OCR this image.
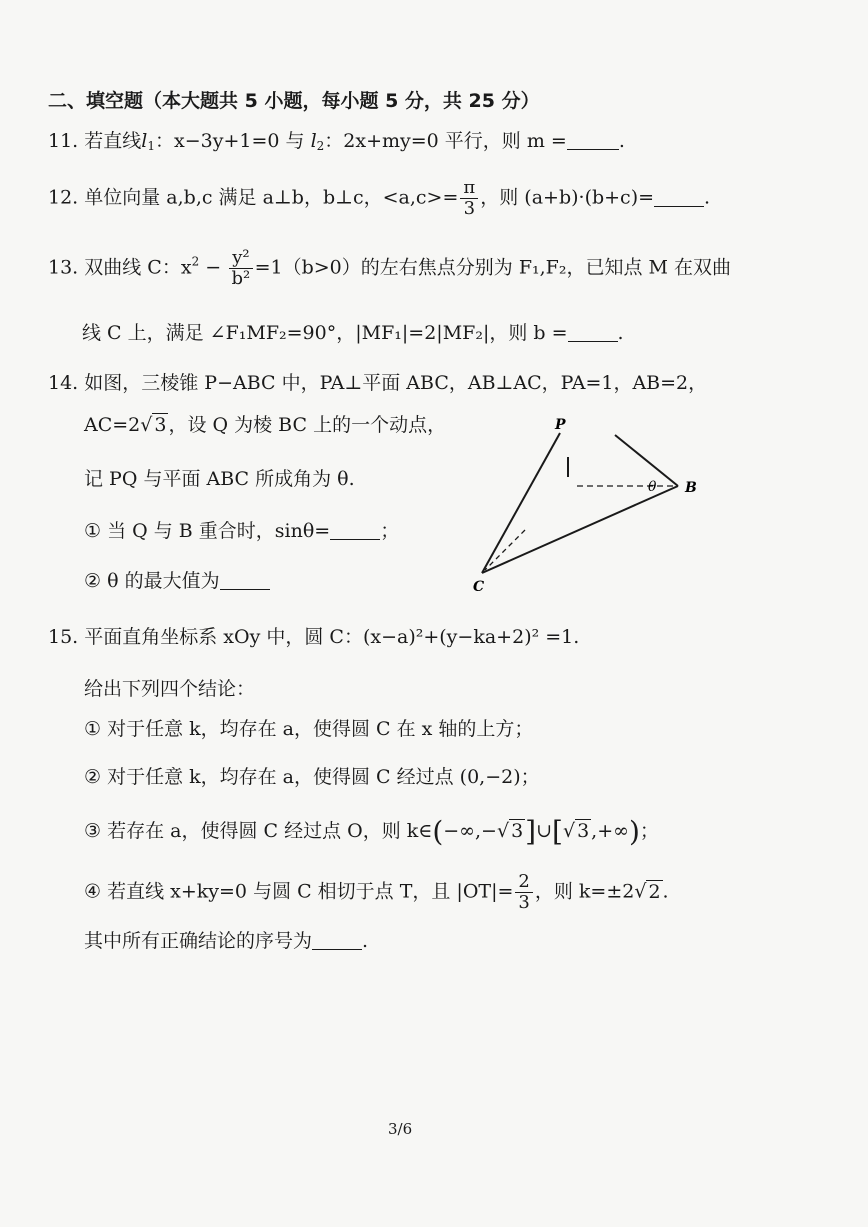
二、填空题（本大题共 5 小题，每小题 5 分，共 25 分）
11. 若直线$l_1$：x−3y+1=0 与 $l_2$：2x+my=0 平行，则 m =	.
12. 单位向量 a,b,c 满足 a⊥b，b⊥c，$<a,c>= \frac{\pi}{3}$ ，则 (a+b)·(b+c)=	.
13. 双曲线 C：$x^2 - \frac{\text{y²}}{\text{b²}} =1(b>0)$的左右焦点分别为 F₁,F₂，已知点 M 在双曲
线 C 上，满足 ∠F₁MF₂=90°，|MF₁|=2|MF₂|，则 b =	.
14. 如图，三棱锥 P−ABC 中，PA⊥平面 ABC，AB⊥AC，PA=1，AB=2，
AC=2√ 3 ，设 Q 为棱 BC 上的一个动点，
记 PQ 与平面 ABC 所成角为 θ.
① 当 Q 与 B 重合时，sinθ=	；
② θ 的最大值为
P
B
C
θ
15. 平面直角坐标系 xOy 中，圆 C：(x−a)²+(y−ka+2)² =1.
给出下列四个结论：
① 对于任意 k，均存在 a，使得圆 C 在 x 轴的上方；
② 对于任意 k，均存在 a，使得圆 C 经过点 (0,−2)；
③ 若存在 a，使得圆 C 经过点 O，则 k∈(−∞,−√ 3]∪[√ 3 ,+∞)；
④ 若直线 x+ky=0 与圆 C 相切于点 T，且 $|OT|= \frac{2}{3}$ ，则 k=±2√ 2 .
其中所有正确结论的序号为	.
3/6
